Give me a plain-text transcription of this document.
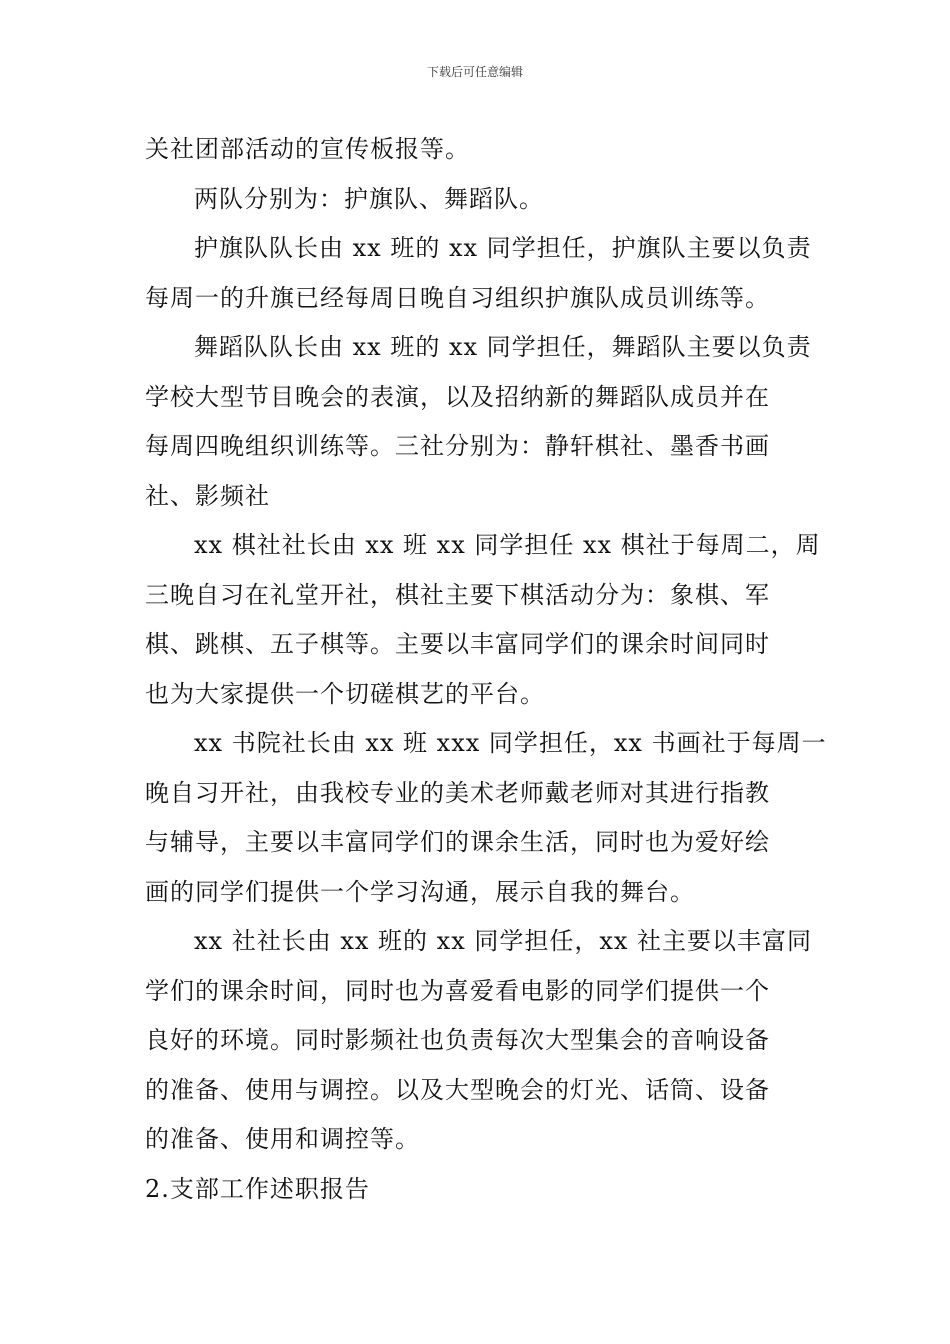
下载后可任意编辑
关社团部活动的宣传板报等。
两队分别为：护旗队、舞蹈队。
护旗队队长由 xx 班的 xx 同学担任，护旗队主要以负责
每周一的升旗已经每周日晚自习组织护旗队成员训练等。
舞蹈队队长由 xx 班的 xx 同学担任，舞蹈队主要以负责
学校大型节目晚会的表演，以及招纳新的舞蹈队成员并在
每周四晚组织训练等。三社分别为：静轩棋社、墨香书画
社、影频社
xx 棋社社长由 xx 班 xx 同学担任 xx 棋社于每周二，周
三晚自习在礼堂开社，棋社主要下棋活动分为：象棋、军
棋、跳棋、五子棋等。主要以丰富同学们的课余时间同时
也为大家提供一个切磋棋艺的平台。
xx 书院社长由 xx 班 xxx 同学担任，xx 书画社于每周一
晚自习开社，由我校专业的美术老师戴老师对其进行指教
与辅导，主要以丰富同学们的课余生活，同时也为爱好绘
画的同学们提供一个学习沟通，展示自我的舞台。
xx 社社长由 xx 班的 xx 同学担任，xx 社主要以丰富同
学们的课余时间，同时也为喜爱看电影的同学们提供一个
良好的环境。同时影频社也负责每次大型集会的音响设备
的准备、使用与调控。以及大型晚会的灯光、话筒、设备
的准备、使用和调控等。
2.支部工作述职报告
